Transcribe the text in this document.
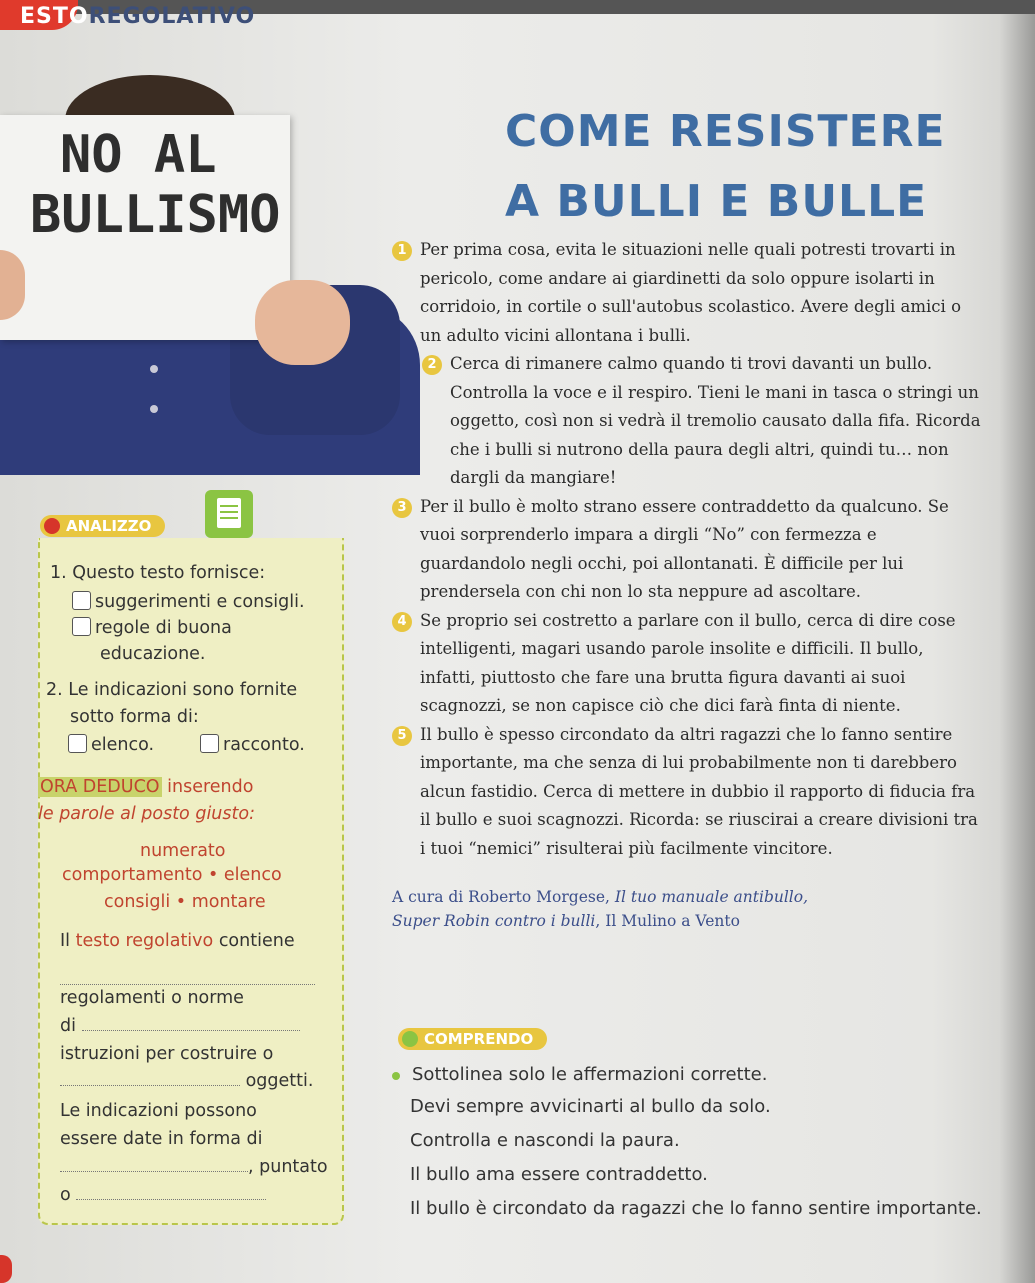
ESTOREGOLATIVO
NO AL
BULLISMO
COME RESISTERE
A BULLI E BULLE
1 Per prima cosa, evita le situazioni nelle quali potresti trovarti in pericolo, come andare ai giardinetti da solo oppure isolarti in corridoio, in cortile o sull'autobus scolastico. Avere degli amici o un adulto vicini allontana i bulli.
2 Cerca di rimanere calmo quando ti trovi davanti un bullo. Controlla la voce e il respiro. Tieni le mani in tasca o stringi un oggetto, così non si vedrà il tremolio causato dalla fifa. Ricorda che i bulli si nutrono della paura degli altri, quindi tu… non dargli da mangiare!
3 Per il bullo è molto strano essere contraddetto da qualcuno. Se vuoi sorprenderlo impara a dirgli “No” con fermezza e guardandolo negli occhi, poi allontanati. È difficile per lui prendersela con chi non lo sta neppure ad ascoltare.
4 Se proprio sei costretto a parlare con il bullo, cerca di dire cose intelligenti, magari usando parole insolite e difficili. Il bullo, infatti, piuttosto che fare una brutta figura davanti ai suoi scagnozzi, se non capisce ciò che dici farà finta di niente.
5 Il bullo è spesso circondato da altri ragazzi che lo fanno sentire importante, ma che senza di lui probabilmente non ti darebbero alcun fastidio. Cerca di mettere in dubbio il rapporto di fiducia fra il bullo e suoi scagnozzi. Ricorda: se riuscirai a creare divisioni tra i tuoi “nemici” risulterai più facilmente vincitore.
A cura di Roberto Morgese, Il tuo manuale antibullo,
Super Robin contro i bulli, Il Mulino a Vento
ANALIZZO
1. Questo testo fornisce:
suggerimenti e consigli.
regole di buona
educazione.
2. Le indicazioni sono fornite
sotto forma di:
elenco.	racconto.
ORA DEDUCO inserendo
le parole al posto giusto:
numerato
comportamento • elenco
consigli • montare
Il testo regolativo contiene
regolamenti o norme
di
istruzioni per costruire o
oggetti.
Le indicazioni possono
essere date in forma di
, puntato
o
COMPRENDO
Sottolinea solo le affermazioni corrette.
Devi sempre avvicinarti al bullo da solo.
Controlla e nascondi la paura.
Il bullo ama essere contraddetto.
Il bullo è circondato da ragazzi che lo fanno sentire importante.
